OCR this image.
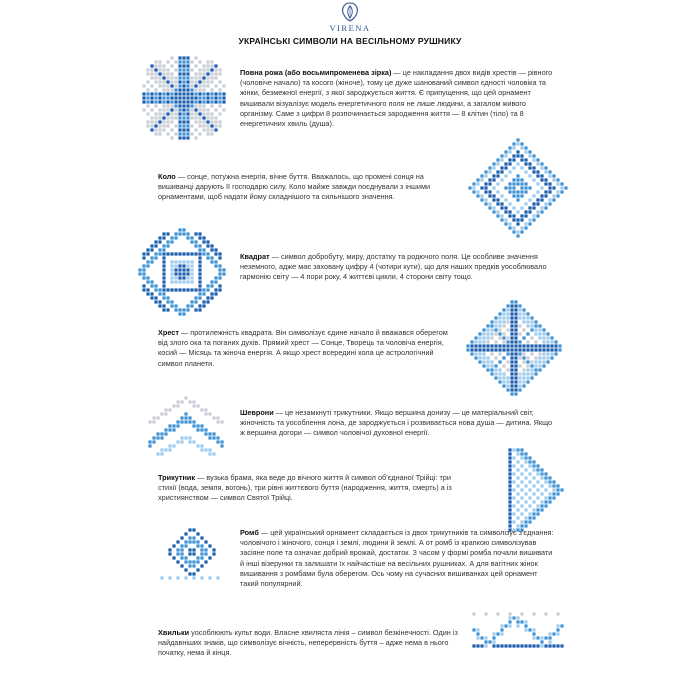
VIRENA
УКРАЇНСЬКІ СИМВОЛИ НА ВЕСІЛЬНОМУ РУШНИКУ
Повна рожа (або восьмипроменева зірка) — це накладання двох видів хрестів — рівного (чоловіче начало) та косого (жіноче), тому це дуже шанований символ єдності чоловіка та жінки, безмежної енергії, з якої зароджується життя. Є припущення, що цей орнамент вишивали візуалізує модель енергетичного поля не лише людини, а загалом живого організму. Саме з цифри 8 розпочинається зародження життя — 8 клітин (тіло) та 8 енергетичних хвиль (душа).
Коло — сонце, потужна енергія, вічне буття. Вважалось, що промені сонця на вишиванці дарують її господарю силу. Коло майже завжди поєднували з іншими орнаментами, щоб надати йому складнішого та сильнішого значення.
Квадрат — символ добробуту, миру, достатку та родючого поля. Це особливе значення неземного, адже має заховану цифру 4 (чотири кути), що для наших предків уособлювало гармонію світу — 4 пори року, 4 життєві цикли, 4 сторони світу тощо.
Хрест — протилежність квадрата. Він символізує єдине начало й вважався оберегом від злого ока та поганих духів. Прямий хрест — Сонце, Творець та чоловіча енергія, косий — Місяць та жіноча енергія. А якщо хрест всередині кола це астрологічний символ планети.
Шеврони — це незамкнуті трикутники. Якщо вершина донизу — це матеріальний світ, жіночність та уособлення лона, де зароджується і розвивається нова душа — дитина. Якщо ж вершина догори — символ чоловічої духовної енергії.
Трикутник — вузька брама, яка веде до вічного життя й символ об'єднаної Трійці: три стихії (вода, земля, вогонь), три рівні життєвого буття (народження, життя, смерть) а із християнством — символ Святої Трійці.
Ромб — цей український орнамент складається із двох трикутників та символізує з'єднання: чоловічого і жіночого, сонця і землі, людини й землі. А от ромб із крапкою символізував засіяне поле та означає добрий врожай, достаток. З часом у формі ромба почали вишивати й інші візерунки та залишати їх найчастіше на весільних рушниках. А для вагітних жінок вишивання з ромбами була оберегом. Ось чому на сучасних вишиванках цей орнамент такий популярний.
Хвильки уособлюють культ води. Власне хвиляста лінія – символ безкінечності. Один із найдавніших знаків, що символізує вічність, неперервність буття – адже нема в нього початку, нема й кінця.
